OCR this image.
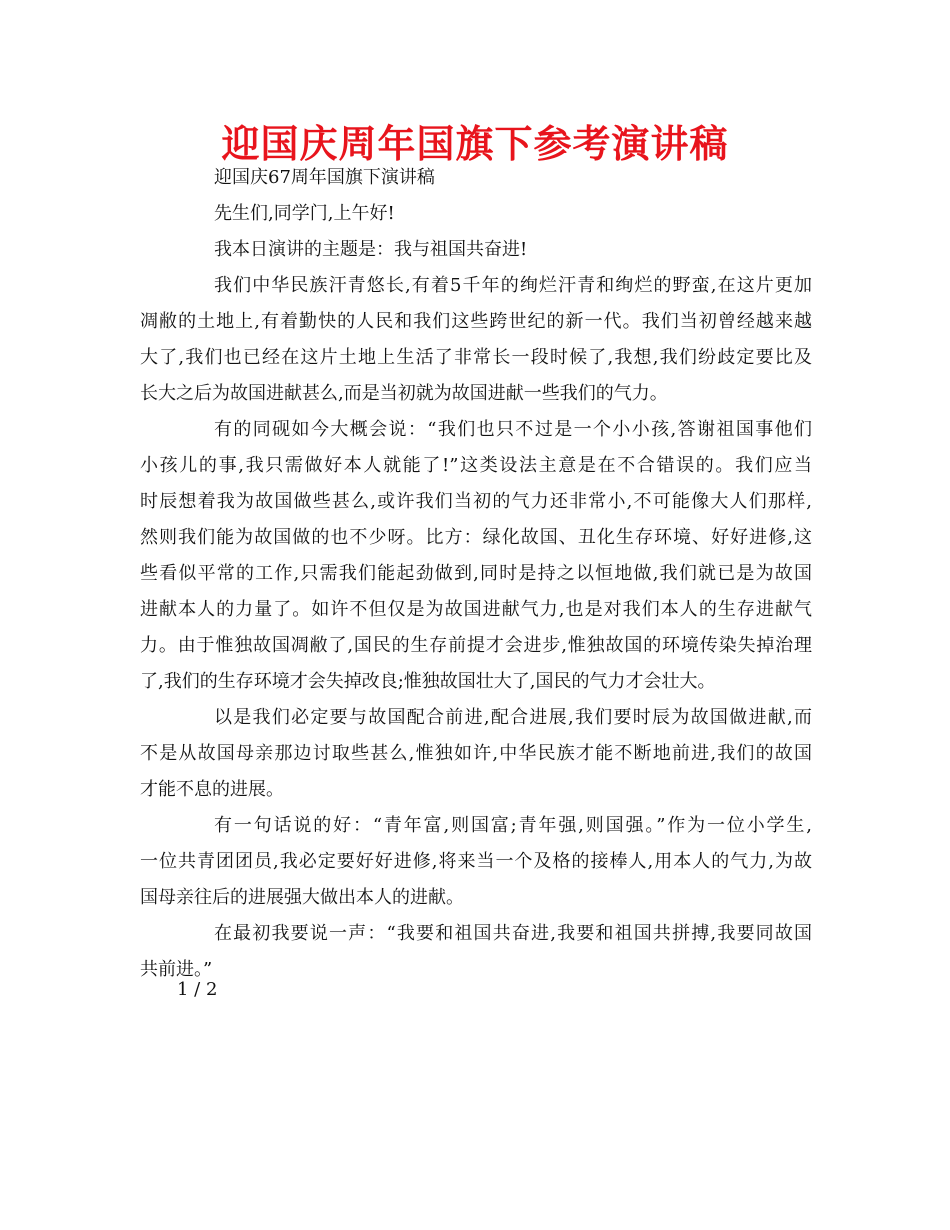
迎国庆周年国旗下参考演讲稿
迎国庆67周年国旗下演讲稿
先生们,同学门,上午好!
我本日演讲的主题是：我与祖国共奋进!
我们中华民族汗青悠长,有着5千年的绚烂汗青和绚烂的野蛮,在这片更加
凋敝的土地上,有着勤快的人民和我们这些跨世纪的新一代。我们当初曾经越来越
大了,我们也已经在这片土地上生活了非常长一段时候了,我想,我们纷歧定要比及
长大之后为故国进献甚么,而是当初就为故国进献一些我们的气力。
有的同砚如今大概会说：“我们也只不过是一个小小孩,答谢祖国事他们
小孩儿的事,我只需做好本人就能了!”这类设法主意是在不合错误的。我们应当
时辰想着我为故国做些甚么,或许我们当初的气力还非常小,不可能像大人们那样,
然则我们能为故国做的也不少呀。比方：绿化故国、丑化生存环境、好好进修,这
些看似平常的工作,只需我们能起劲做到,同时是持之以恒地做,我们就已是为故国
进献本人的力量了。如许不但仅是为故国进献气力,也是对我们本人的生存进献气
力。由于惟独故国凋敝了,国民的生存前提才会进步,惟独故国的环境传染失掉治理
了,我们的生存环境才会失掉改良;惟独故国壮大了,国民的气力才会壮大。
以是我们必定要与故国配合前进,配合进展,我们要时辰为故国做进献,而
不是从故国母亲那边讨取些甚么,惟独如许,中华民族才能不断地前进,我们的故国
才能不息的进展。
有一句话说的好：“青年富,则国富;青年强,则国强。”作为一位小学生,
一位共青团团员,我必定要好好进修,将来当一个及格的接棒人,用本人的气力,为故
国母亲往后的进展强大做出本人的进献。
在最初我要说一声：“我要和祖国共奋进,我要和祖国共拼搏,我要同故国
共前进。”
1 / 2
